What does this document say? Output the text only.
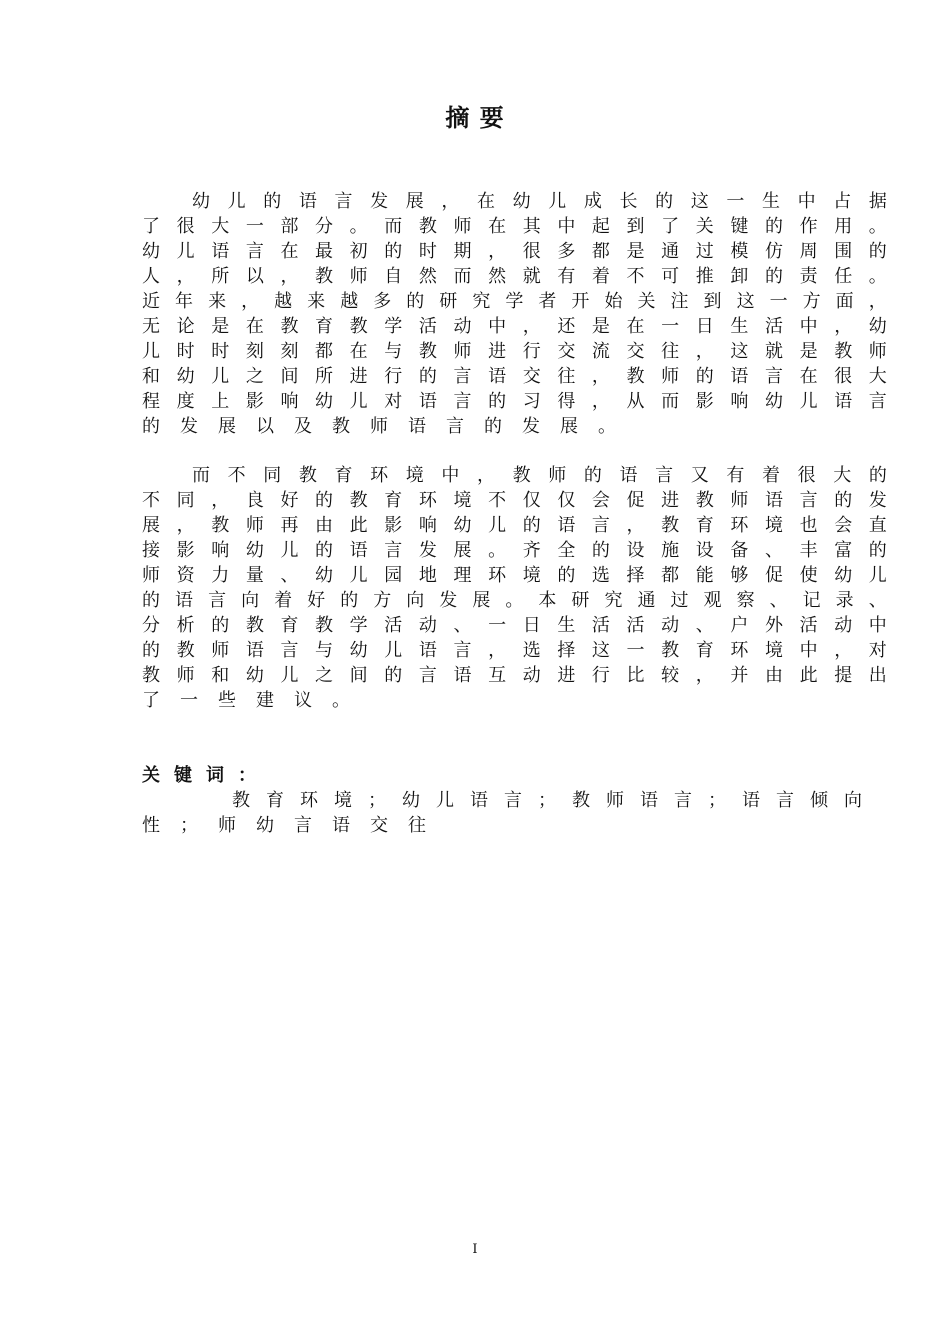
摘 要
幼 儿 的 语 言 发 展 ， 在 幼 儿 成 长 的 这 一 生 中 占 据
了 很 大 一 部 分 。 而 教 师 在 其 中 起 到 了 关 键 的 作 用 。
幼 儿 语 言 在 最 初 的 时 期 ， 很 多 都 是 通 过 模 仿 周 围 的
人 ， 所 以 ， 教 师 自 然 而 然 就 有 着 不 可 推 卸 的 责 任 。
近 年 来 ， 越 来 越 多 的 研 究 学 者 开 始 关 注 到 这 一 方 面 ，
无 论 是 在 教 育 教 学 活 动 中 ， 还 是 在 一 日 生 活 中 ， 幼
儿 时 时 刻 刻 都 在 与 教 师 进 行 交 流 交 往 ， 这 就 是 教 师
和 幼 儿 之 间 所 进 行 的 言 语 交 往 ， 教 师 的 语 言 在 很 大
程 度 上 影 响 幼 儿 对 语 言 的 习 得 ， 从 而 影 响 幼 儿 语 言
的 发 展 以 及 教 师 语 言 的 发 展 。
而 不 同 教 育 环 境 中 ， 教 师 的 语 言 又 有 着 很 大 的
不 同 ， 良 好 的 教 育 环 境 不 仅 仅 会 促 进 教 师 语 言 的 发
展 ， 教 师 再 由 此 影 响 幼 儿 的 语 言 ， 教 育 环 境 也 会 直
接 影 响 幼 儿 的 语 言 发 展 。 齐 全 的 设 施 设 备 、 丰 富 的
师 资 力 量 、 幼 儿 园 地 理 环 境 的 选 择 都 能 够 促 使 幼 儿
的 语 言 向 着 好 的 方 向 发 展 。 本 研 究 通 过 观 察 、 记 录 、
分 析 的 教 育 教 学 活 动 、 一 日 生 活 活 动 、 户 外 活 动 中
的 教 师 语 言 与 幼 儿 语 言 ， 选 择 这 一 教 育 环 境 中 ， 对
教 师 和 幼 儿 之 间 的 言 语 互 动 进 行 比 较 ， 并 由 此 提 出
了 一 些 建 议 。
关 键 词 ：
教 育 环 境 ； 幼 儿 语 言 ； 教 师 语 言 ； 语 言 倾 向
性 ； 师 幼 言 语 交 往
I
